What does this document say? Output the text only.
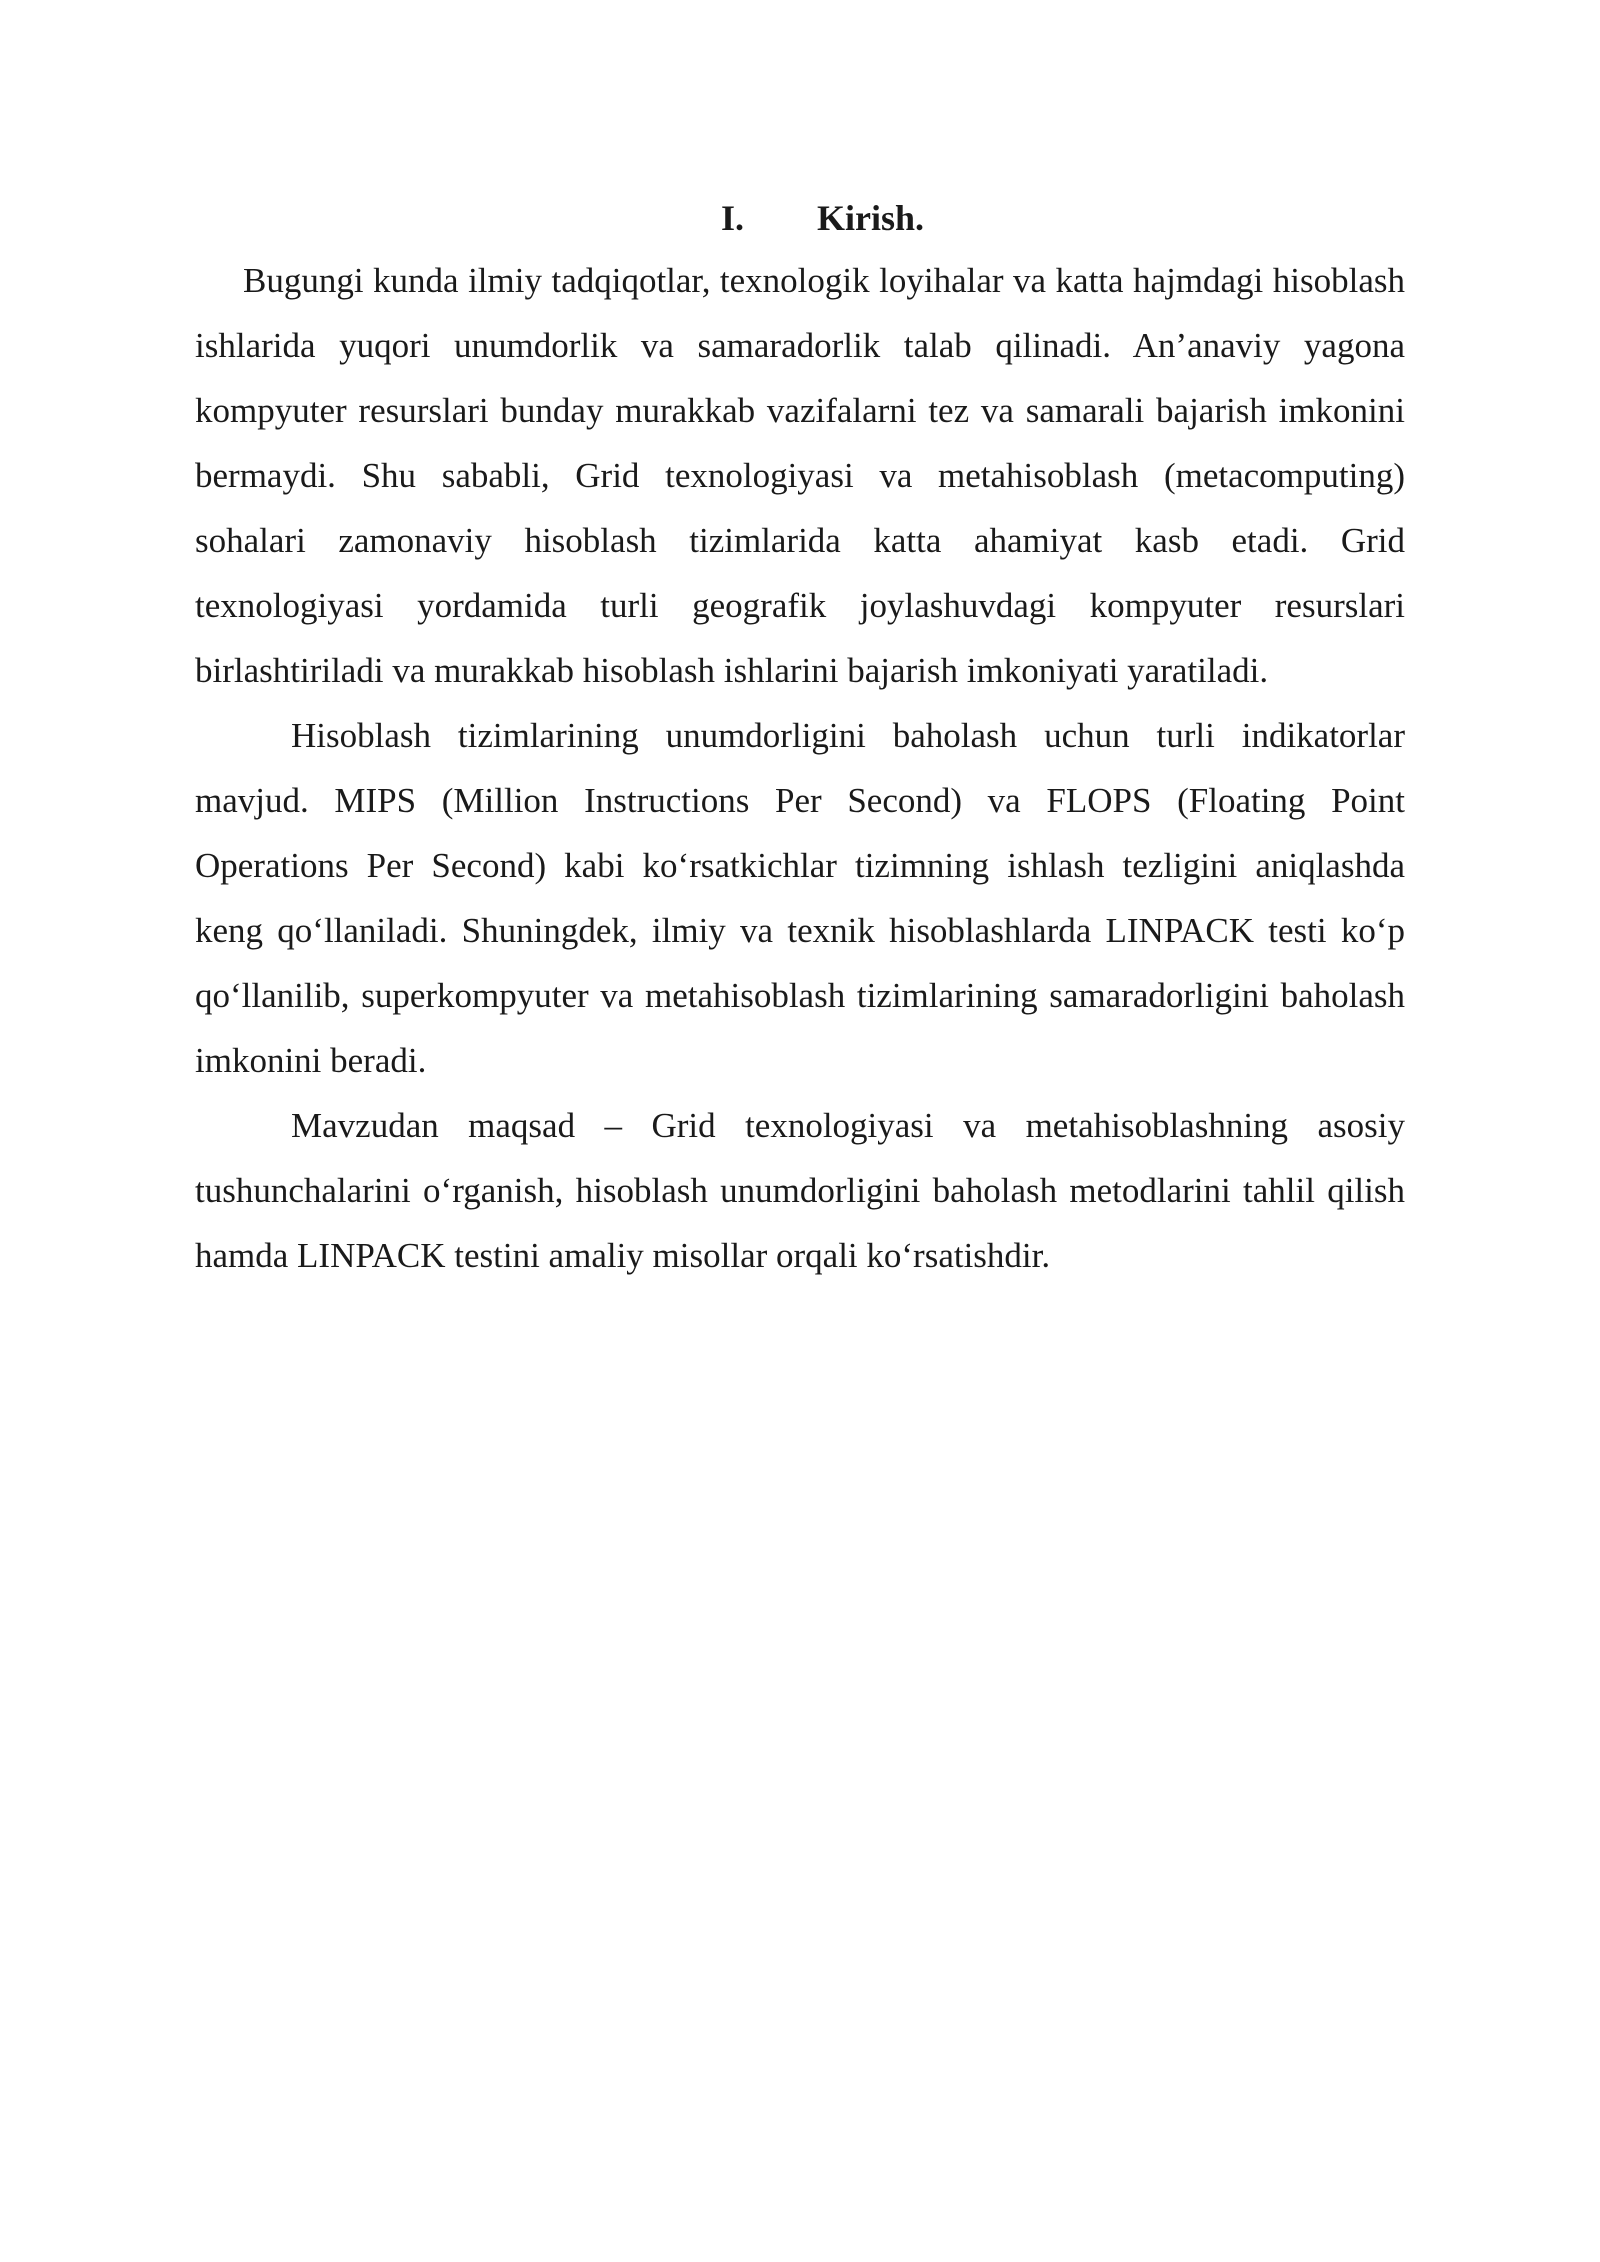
I.	Kirish.

Bugungi kunda ilmiy tadqiqotlar, texnologik loyihalar va katta hajmdagi hisoblash ishlarida yuqori unumdorlik va samaradorlik talab qilinadi. An’anaviy yagona kompyuter resurslari bunday murakkab vazifalarni tez va samarali bajarish imkonini bermaydi. Shu sababli, Grid texnologiyasi va metahisoblash (metacomputing) sohalari zamonaviy hisoblash tizimlarida katta ahamiyat kasb etadi. Grid texnologiyasi yordamida turli geografik joylashuvdagi kompyuter resurslari birlashtiriladi va murakkab hisoblash ishlarini bajarish imkoniyati yaratiladi.

Hisoblash tizimlarining unumdorligini baholash uchun turli indikatorlar mavjud. MIPS (Million Instructions Per Second) va FLOPS (Floating Point Operations Per Second) kabi ko‘rsatkichlar tizimning ishlash tezligini aniqlashda keng qo‘llaniladi. Shuningdek, ilmiy va texnik hisoblashlarda LINPACK testi ko‘p qo‘llanilib, superkompyuter va metahisoblash tizimlarining samaradorligini baholash imkonini beradi.

Mavzudan maqsad – Grid texnologiyasi va metahisoblashning asosiy tushunchalarini o‘rganish, hisoblash unumdorligini baholash metodlarini tahlil qilish hamda LINPACK testini amaliy misollar orqali ko‘rsatishdir.
